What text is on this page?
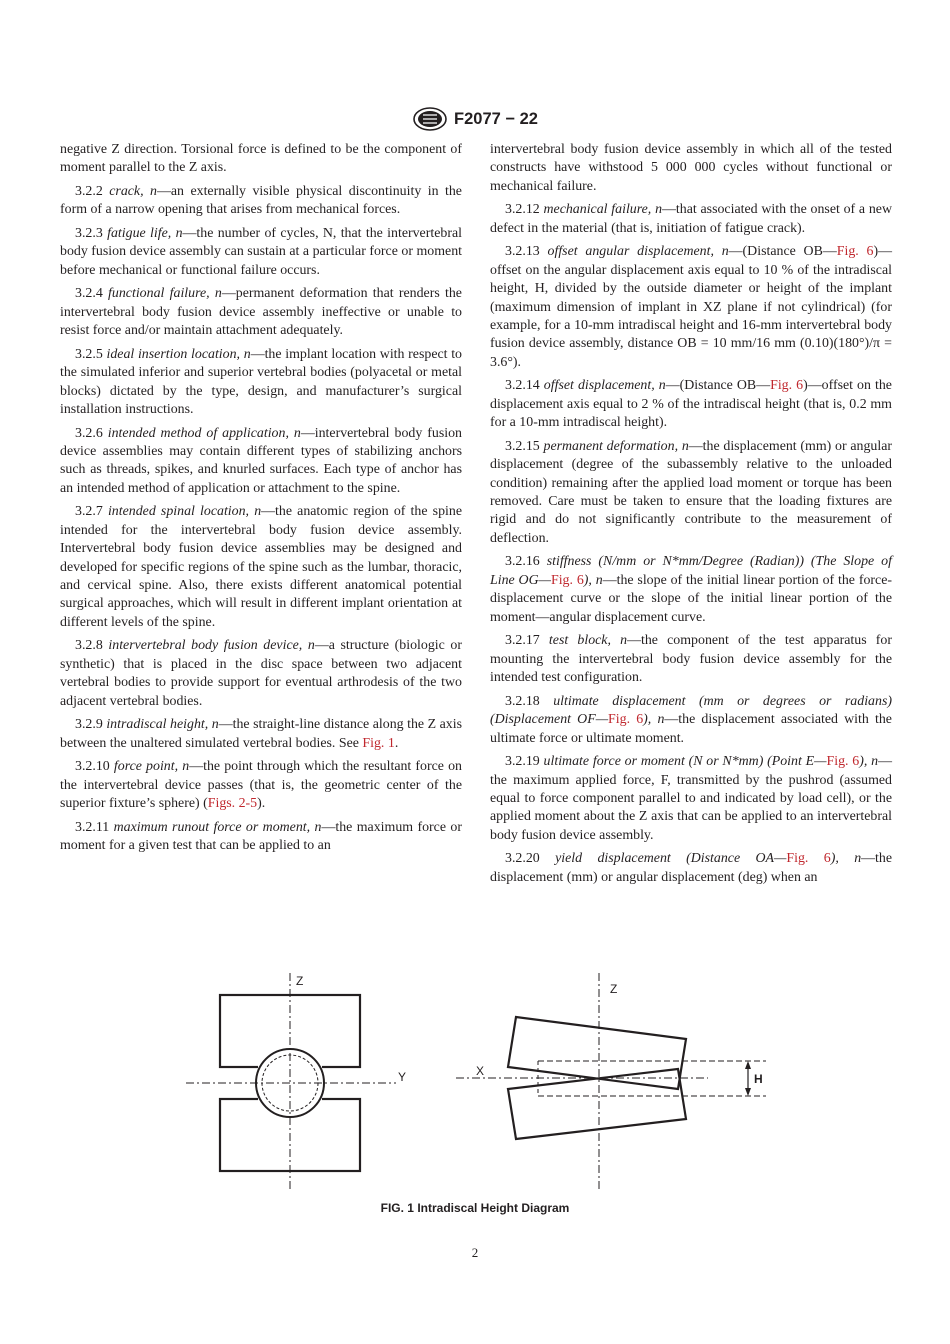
F2077 − 22

negative Z direction. Torsional force is defined to be the component of moment parallel to the Z axis.

3.2.2 crack, n—an externally visible physical discontinuity in the form of a narrow opening that arises from mechanical forces.

3.2.3 fatigue life, n—the number of cycles, N, that the intervertebral body fusion device assembly can sustain at a particular force or moment before mechanical or functional failure occurs.

3.2.4 functional failure, n—permanent deformation that renders the intervertebral body fusion device assembly ineffective or unable to resist force and/or maintain attachment adequately.

3.2.5 ideal insertion location, n—the implant location with respect to the simulated inferior and superior vertebral bodies (polyacetal or metal blocks) dictated by the type, design, and manufacturer’s surgical installation instructions.

3.2.6 intended method of application, n—intervertebral body fusion device assemblies may contain different types of stabilizing anchors such as threads, spikes, and knurled surfaces. Each type of anchor has an intended method of application or attachment to the spine.

3.2.7 intended spinal location, n—the anatomic region of the spine intended for the intervertebral body fusion device assembly. Intervertebral body fusion device assemblies may be designed and developed for specific regions of the spine such as the lumbar, thoracic, and cervical spine. Also, there exists different anatomical potential surgical approaches, which will result in different implant orientation at different levels of the spine.

3.2.8 intervertebral body fusion device, n—a structure (biologic or synthetic) that is placed in the disc space between two adjacent vertebral bodies to provide support for eventual arthrodesis of the two adjacent vertebral bodies.

3.2.9 intradiscal height, n—the straight-line distance along the Z axis between the unaltered simulated vertebral bodies. See Fig. 1.

3.2.10 force point, n—the point through which the resultant force on the intervertebral device passes (that is, the geometric center of the superior fixture’s sphere) (Figs. 2-5).

3.2.11 maximum runout force or moment, n—the maximum force or moment for a given test that can be applied to an

intervertebral body fusion device assembly in which all of the tested constructs have withstood 5 000 000 cycles without functional or mechanical failure.

3.2.12 mechanical failure, n—that associated with the onset of a new defect in the material (that is, initiation of fatigue crack).

3.2.13 offset angular displacement, n—(Distance OB—Fig. 6)—offset on the angular displacement axis equal to 10 % of the intradiscal height, H, divided by the outside diameter or height of the implant (maximum dimension of implant in XZ plane if not cylindrical) (for example, for a 10-mm intradiscal height and 16-mm intervertebral body fusion device assembly, distance OB = 10 mm/16 mm (0.10)(180°)/π = 3.6°).

3.2.14 offset displacement, n—(Distance OB—Fig. 6)—offset on the displacement axis equal to 2 % of the intradiscal height (that is, 0.2 mm for a 10-mm intradiscal height).

3.2.15 permanent deformation, n—the displacement (mm) or angular displacement (degree of the subassembly relative to the unloaded condition) remaining after the applied load moment or torque has been removed. Care must be taken to ensure that the loading fixtures are rigid and do not significantly contribute to the measurement of deflection.

3.2.16 stiffness (N/mm or N*mm/Degree (Radian)) (The Slope of Line OG—Fig. 6), n—the slope of the initial linear portion of the force-displacement curve or the slope of the initial linear portion of the moment—angular displacement curve.

3.2.17 test block, n—the component of the test apparatus for mounting the intervertebral body fusion device assembly for the intended test configuration.

3.2.18 ultimate displacement (mm or degrees or radians) (Displacement OF—Fig. 6), n—the displacement associated with the ultimate force or ultimate moment.

3.2.19 ultimate force or moment (N or N*mm) (Point E—Fig. 6), n—the maximum applied force, F, transmitted by the pushrod (assumed equal to force component parallel to and indicated by load cell), or the applied moment about the Z axis that can be applied to an intervertebral body fusion device assembly.

3.2.20 yield displacement (Distance OA—Fig. 6), n—the displacement (mm) or angular displacement (deg) when an

Z
Y
Z
X
H
FIG. 1 Intradiscal Height Diagram
2
